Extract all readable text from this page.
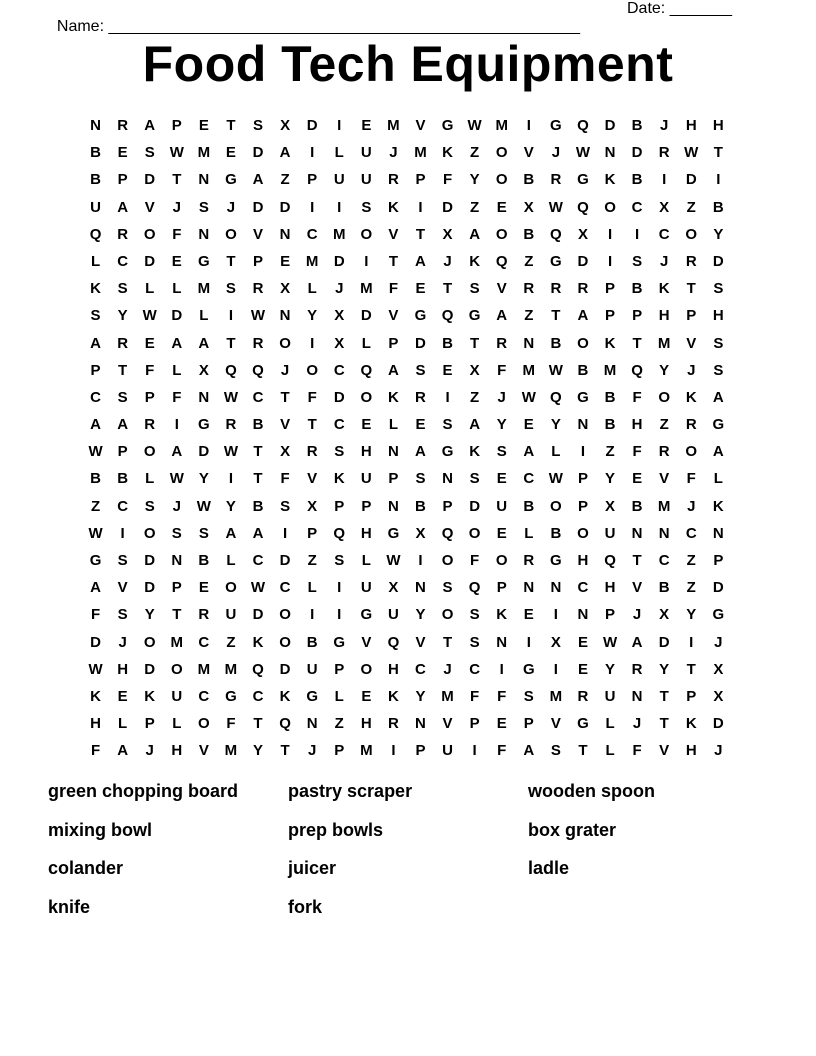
Name: _____________________________________________________

Date: _______

Food Tech Equipment
N	R	A	P	E	T	S	X	D	I	E	M	V	G W M	I	G	Q	D	B	J	H	H
B	E	S W M	E	D	A	I	L	U	J	M	K	Z	O	V	J	W N	D	R W	T
B	P	D	T	N	G	A	Z	P	U	U	R	P	F	Y	O	B	R	G	K	B	I	D	I
U	A	V	J	S	J	D	D	I	I	S	K	I	D	Z	E	X W Q	O	C	X	Z	B
Q	R	O	F	N	O	V	N	C	M	O	V	T	X	A	O	B	Q	X	I	I	C	O	Y
L	C	D	E	G	T	P	E	M	D	I	T	A	J	K	Q	Z	G	D	I	S	J	R	D
K	S	L	L	M	S	R	X	L	J	M	F	E	T	S	V	R	R	R	P	B	K	T	S
S	Y W D	L	I	W N	Y	X	D	V	G	Q	G	A	Z	T	A	P	P	H	P	H
A	R	E	A	A	T	R	O	I	X	L	P	D	B	T	R	N	B	O	K	T	M	V	S
P	T	F	L	X	Q	Q	J	O	C	Q	A	S	E	X	F	M W B	M	Q	Y	J	S
C	S	P	F	N W C	T	F	D	O	K	R	I	Z	J	W Q	G	B	F	O	K	A
A	A	R	I	G	R	B	V	T	C	E	L	E	S	A	Y	E	Y	N	B	H	Z	R	G
W P	O	A	D W	T	X	R	S	H	N	A	G	K	S	A	L	I	Z	F	R	O	A
B	B	L	W Y	I	T	F	V	K	U	P	S	N	S	E	C W P	Y	E	V	F	L
Z	C	S	J	W Y	B	S	X	P	P	N	B	P	D	U	B	O	P	X	B	M	J	K
W	I	O	S	S	A	A	I	P	Q	H	G	X	Q	O	E	L	B	O	U	N	N	C	N
G	S	D	N	B	L	C	D	Z	S	L	W	I	O	F	O	R	G	H	Q	T	C	Z	P
A	V	D	P	E	O W C	L	I	U	X	N	S	Q	P	N	N	C	H	V	B	Z	D
F	S	Y	T	R	U	D	O	I	I	G	U	Y	O	S	K	E	I	N	P	J	X	Y	G
D	J	O M	C	Z	K	O	B	G	V	Q	V	T	S	N	I	X	E W A	D	I	J
W H	D	O M M	Q	D	U	P	O	H	C	J	C	I	G	I	E	Y	R	Y	T	X
K	E	K	U	C	G	C	K	G	L	E	K	Y	M	F	F	S	M	R	U	N	T	P	X
H	L	P	L	O	F	T	Q	N	Z	H	R	N	V	P	E	P	V	G	L	J	T	K	D
F	A	J	H	V	M	Y	T	J	P	M	I	P	U	I	F	A	S	T	L	F	V	H	J
green chopping board	pastry scraper	wooden spoon
mixing bowl	prep bowls	box grater
colander	juicer	ladle
knife	fork
